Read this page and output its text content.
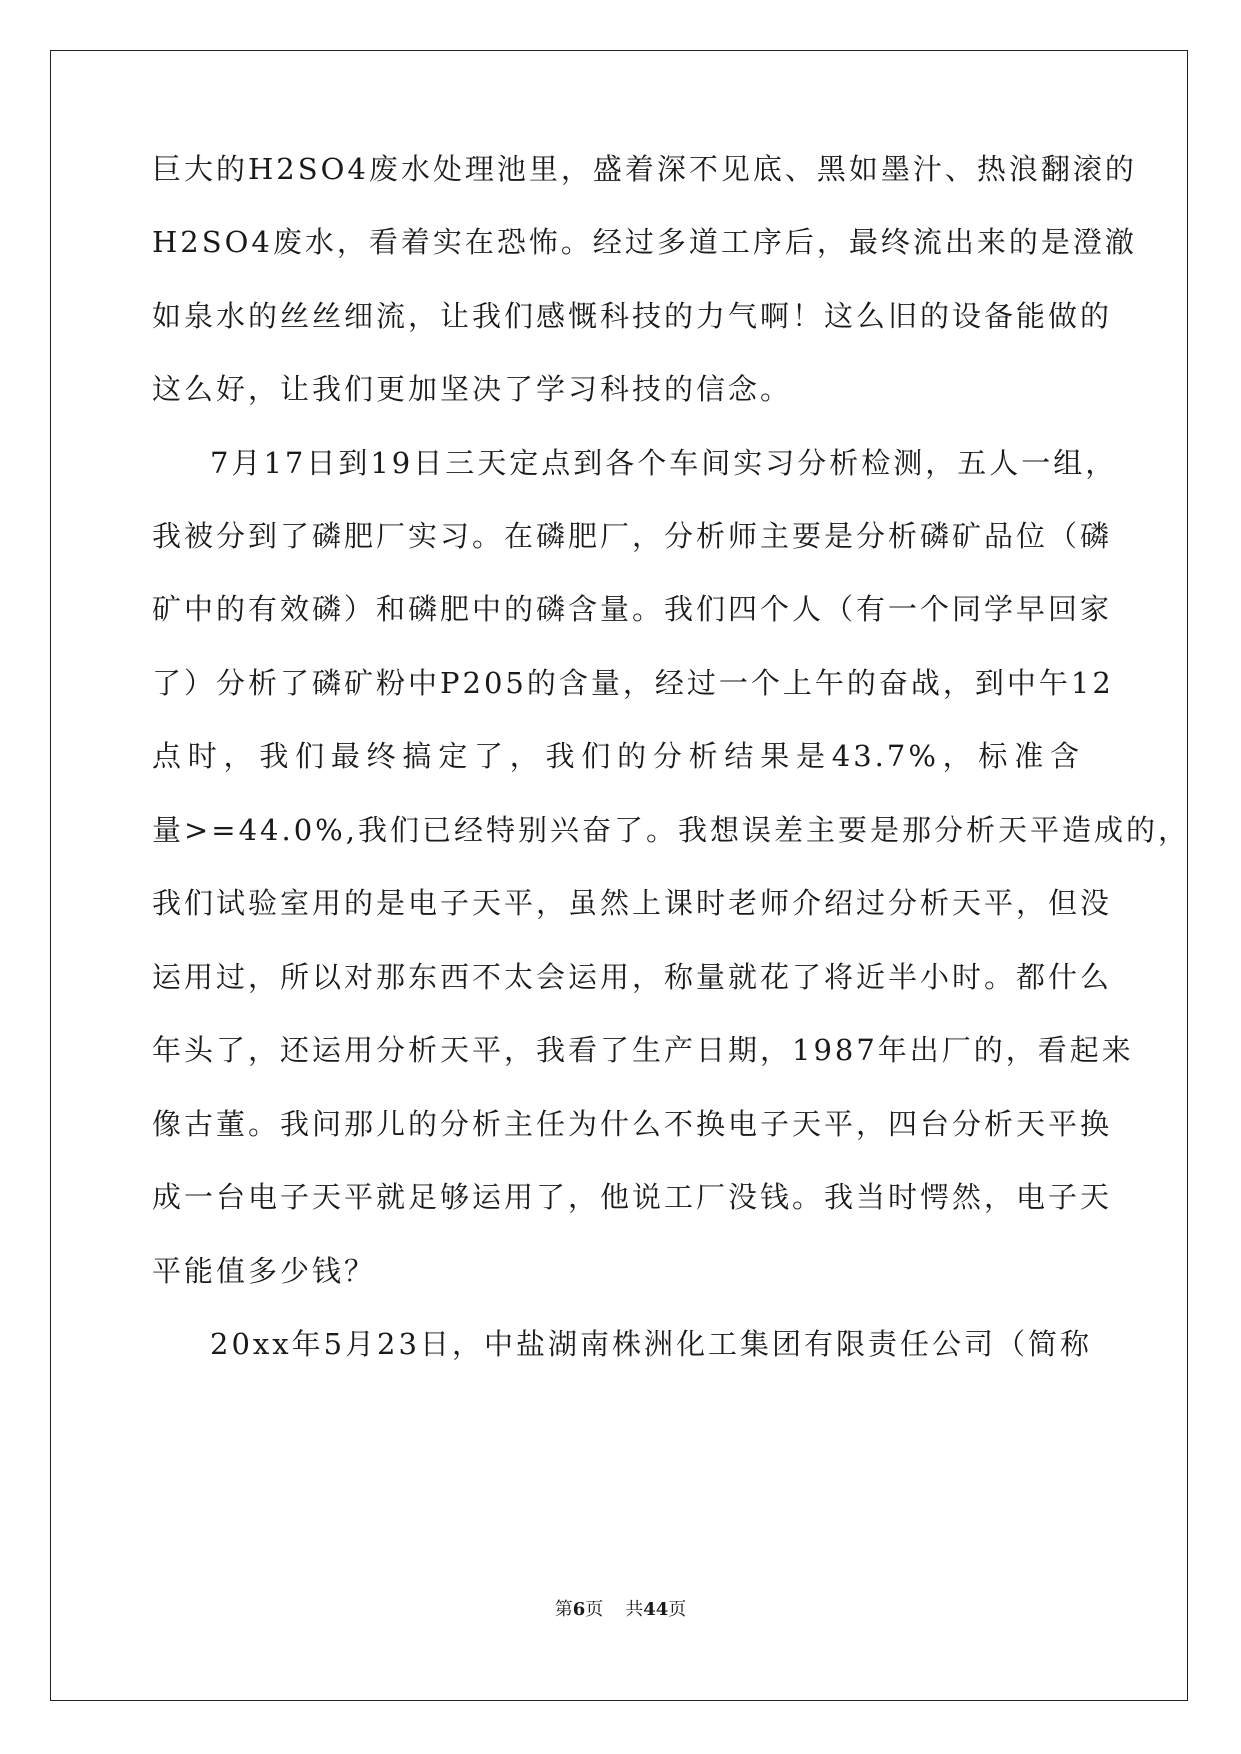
巨大的H2SO4废水处理池里，盛着深不见底、黑如墨汁、热浪翻滚的
H2SO4废水，看着实在恐怖。经过多道工序后，最终流出来的是澄澈
如泉水的丝丝细流，让我们感慨科技的力气啊！这么旧的设备能做的
这么好，让我们更加坚决了学习科技的信念。
7月17日到19日三天定点到各个车间实习分析检测，五人一组，
我被分到了磷肥厂实习。在磷肥厂，分析师主要是分析磷矿品位（磷
矿中的有效磷）和磷肥中的磷含量。我们四个人（有一个同学早回家
了）分析了磷矿粉中P205的含量，经过一个上午的奋战，到中午12
点时，我们最终搞定了，我们的分析结果是43.7%，标准含
量>=44.0%,我们已经特别兴奋了。我想误差主要是那分析天平造成的，
我们试验室用的是电子天平，虽然上课时老师介绍过分析天平，但没
运用过，所以对那东西不太会运用，称量就花了将近半小时。都什么
年头了，还运用分析天平，我看了生产日期，1987年出厂的，看起来
像古董。我问那儿的分析主任为什么不换电子天平，四台分析天平换
成一台电子天平就足够运用了，他说工厂没钱。我当时愕然，电子天
平能值多少钱？
20xx年5月23日，中盐湖南株洲化工集团有限责任公司（简称
第6页 共44页
